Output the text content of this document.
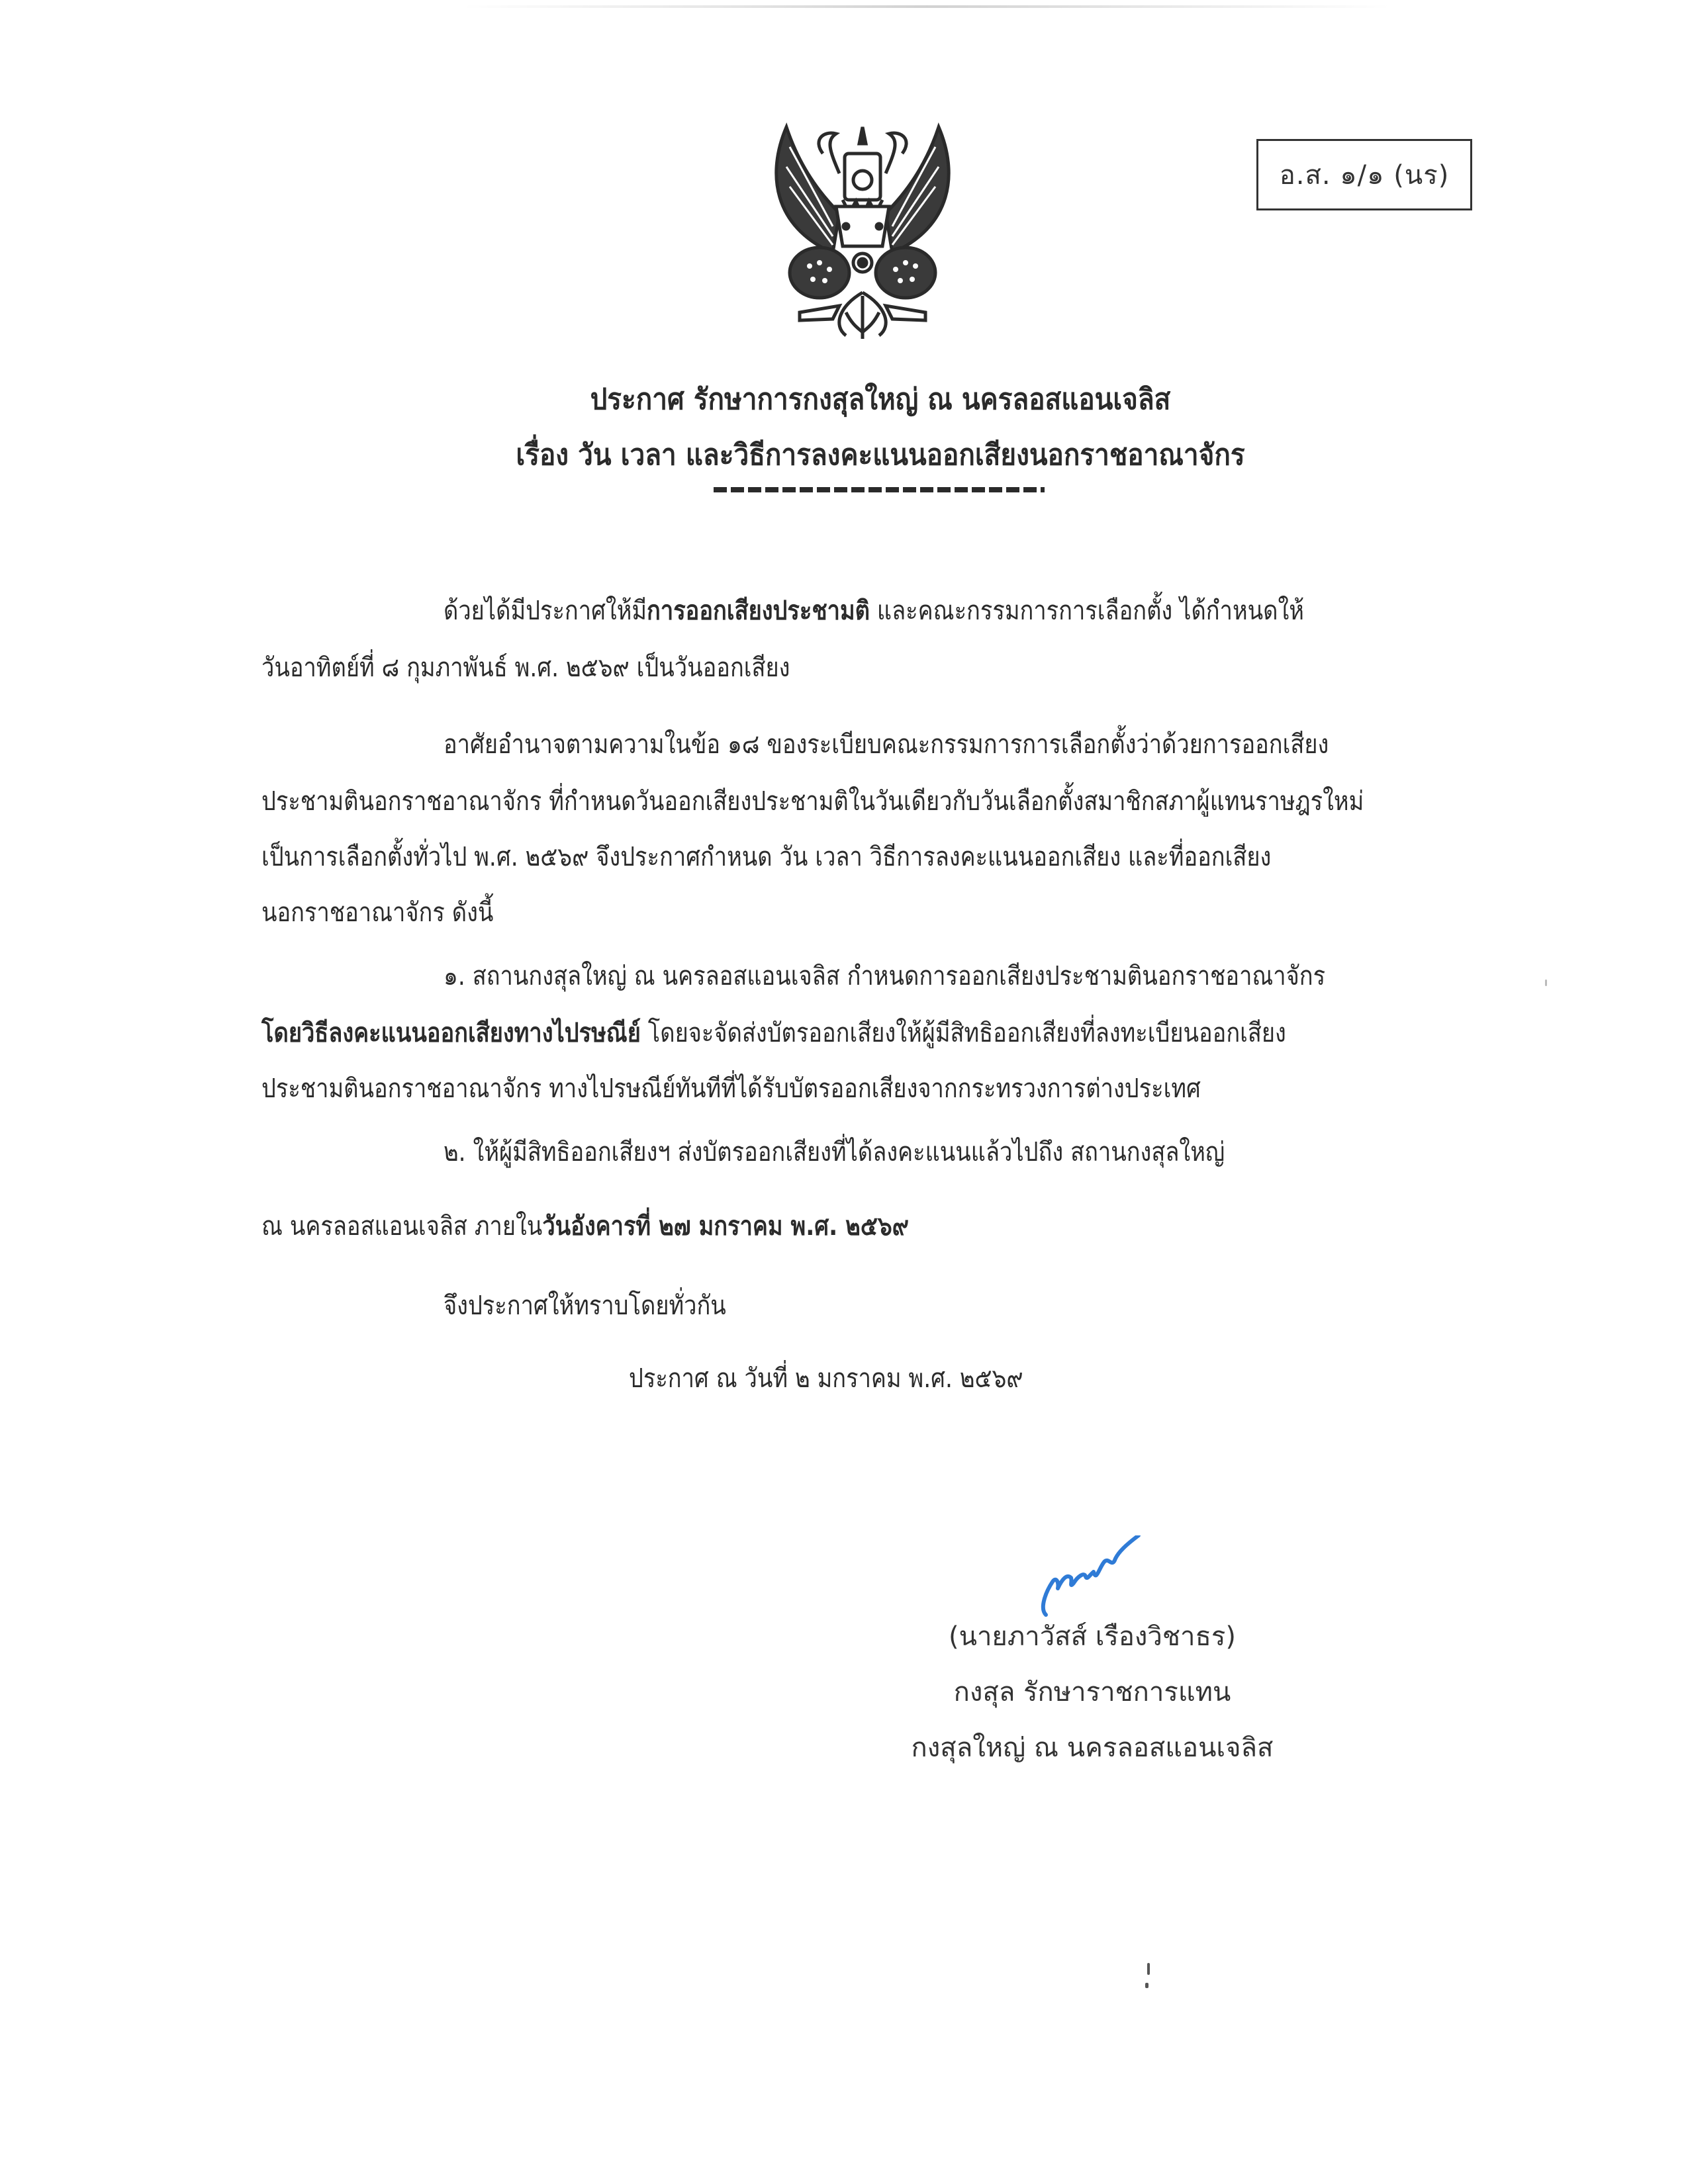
อ.ส. ๑/๑ (นร)
ประกาศ รักษาการกงสุลใหญ่ ณ นครลอสแอนเจลิส
เรื่อง วัน เวลา และวิธีการลงคะแนนออกเสียงนอกราชอาณาจักร
ด้วยได้มีประกาศให้มีการออกเสียงประชามติ และคณะกรรมการการเลือกตั้ง ได้กำหนดให้
วันอาทิตย์ที่ ๘ กุมภาพันธ์ พ.ศ. ๒๕๖๙ เป็นวันออกเสียง
อาศัยอำนาจตามความในข้อ ๑๘ ของระเบียบคณะกรรมการการเลือกตั้งว่าด้วยการออกเสียง
ประชามตินอกราชอาณาจักร ที่กำหนดวันออกเสียงประชามติในวันเดียวกับวันเลือกตั้งสมาชิกสภาผู้แทนราษฎรใหม่
เป็นการเลือกตั้งทั่วไป พ.ศ. ๒๕๖๙ จึงประกาศกำหนด วัน เวลา วิธีการลงคะแนนออกเสียง และที่ออกเสียง
นอกราชอาณาจักร ดังนี้
๑. สถานกงสุลใหญ่ ณ นครลอสแอนเจลิส กำหนดการออกเสียงประชามตินอกราชอาณาจักร
โดยวิธีลงคะแนนออกเสียงทางไปรษณีย์ โดยจะจัดส่งบัตรออกเสียงให้ผู้มีสิทธิออกเสียงที่ลงทะเบียนออกเสียง
ประชามตินอกราชอาณาจักร ทางไปรษณีย์ทันทีที่ได้รับบัตรออกเสียงจากกระทรวงการต่างประเทศ
๒. ให้ผู้มีสิทธิออกเสียงฯ ส่งบัตรออกเสียงที่ได้ลงคะแนนแล้วไปถึง สถานกงสุลใหญ่
ณ นครลอสแอนเจลิส ภายในวันอังคารที่ ๒๗ มกราคม พ.ศ. ๒๕๖๙
จึงประกาศให้ทราบโดยทั่วกัน
ประกาศ ณ วันที่ ๒ มกราคม พ.ศ. ๒๕๖๙
(นายภาวัสส์ เรืองวิชาธร)
กงสุล รักษาราชการแทน
กงสุลใหญ่ ณ นครลอสแอนเจลิส
